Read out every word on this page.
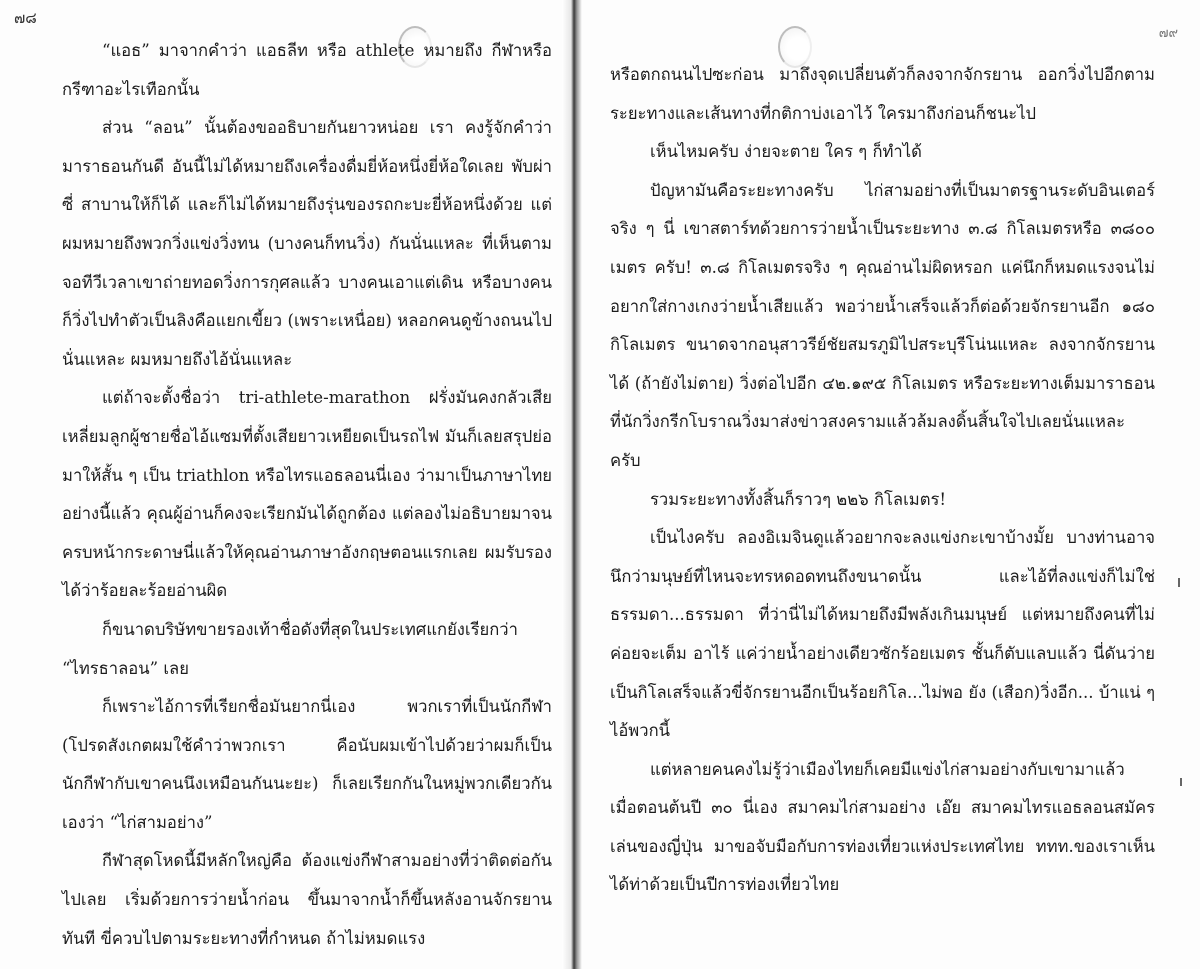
๗๘

“แอธ” มาจากคำว่า แอธลีท หรือ athlete หมายถึง กีฬาหรือกรีฑาอะไรเทือกนั้น

ส่วน “ลอน” นั้นต้องขออธิบายกันยาวหน่อย เรา คงรู้จักคำว่ามาราธอนกันดี อันนี้ไม่ได้หมายถึงเครื่องดื่มยี่ห้อหนึ่งยี่ห้อใดเลย พับผ่าซี่ สาบานให้ก็ได้ และก็ไม่ได้หมายถึงรุ่นของรถกะบะยี่ห้อหนึ่งด้วย แต่ผมหมายถึงพวกวิ่งแข่งวิ่งทน (บางคนก็ทนวิ่ง) กันนั่นแหละ ที่เห็นตามจอทีวีเวลาเขาถ่ายทอดวิ่งการกุศลแล้ว บางคนเอาแต่เดิน หรือบางคนก็วิ่งไปทำตัวเป็นลิงคือแยกเขี้ยว (เพราะเหนื่อย) หลอกคนดูข้างถนนไป นั่นแหละ ผมหมายถึงไอ้นั่นแหละ

แต่ถ้าจะตั้งชื่อว่า tri-athlete-marathon ฝรั่งมันคงกลัวเสียเหลี่ยมลูกผู้ชายชื่อไอ้แซมที่ตั้งเสียยาวเหยียดเป็นรถไฟ มันก็เลยสรุปย่อมาให้สั้น ๆ เป็น triathlon หรือไทรแอธลอนนี่เอง ว่ามาเป็นภาษาไทยอย่างนี้แล้ว คุณผู้อ่านก็คงจะเรียกมันได้ถูกต้อง แต่ลองไม่อธิบายมาจนครบหน้ากระดาษนี่แล้วให้คุณอ่านภาษาอังกฤษตอนแรกเลย ผมรับรองได้ว่าร้อยละร้อยอ่านผิด

ก็ขนาดบริษัทขายรองเท้าชื่อดังที่สุดในประเทศแกยังเรียกว่า “ไทรธาลอน” เลย

ก็เพราะไอ้การที่เรียกชื่อมันยากนี่เอง พวกเราที่เป็นนักกีฬา (โปรดสังเกตผมใช้คำว่าพวกเรา คือนับผมเข้าไปด้วยว่าผมก็เป็นนักกีฬากับเขาคนนึงเหมือนกันนะยะ) ก็เลยเรียกกันในหมู่พวกเดียวกันเองว่า “ไก่สามอย่าง”

กีฬาสุดโหดนี้มีหลักใหญ่คือ ต้องแข่งกีฬาสามอย่างที่ว่าติดต่อกันไปเลย เริ่มด้วยการว่ายน้ำก่อน ขึ้นมาจากน้ำก็ขึ้นหลังอานจักรยานทันที ขี่ควบไปตามระยะทางที่กำหนด ถ้าไม่หมดแรง

๗๙

หรือตกถนนไปซะก่อน มาถึงจุดเปลี่ยนตัวก็ลงจากจักรยาน ออกวิ่งไปอีกตามระยะทางและเส้นทางที่กติกาบ่งเอาไว้ ใครมาถึงก่อนก็ชนะไป

เห็นไหมครับ ง่ายจะตาย ใคร ๆ ก็ทำได้

ปัญหามันคือระยะทางครับ ไก่สามอย่างที่เป็นมาตรฐานระดับอินเตอร์จริง ๆ นี่ เขาสตาร์ทด้วยการว่ายน้ำเป็นระยะทาง ๓.๘ กิโลเมตรหรือ ๓๘๐๐ เมตร ครับ! ๓.๘ กิโลเมตรจริง ๆ คุณอ่านไม่ผิดหรอก แค่นึกก็หมดแรงจนไม่อยากใส่กางเกงว่ายน้ำเสียแล้ว พอว่ายน้ำเสร็จแล้วก็ต่อด้วยจักรยานอีก ๑๘๐ กิโลเมตร ขนาดจากอนุสาวรีย์ชัยสมรภูมิไปสระบุรีโน่นแหละ ลงจากจักรยานได้ (ถ้ายังไม่ตาย) วิ่งต่อไปอีก ๔๒.๑๙๕ กิโลเมตร หรือระยะทางเต็มมาราธอนที่นักวิ่งกรีกโบราณวิ่งมาส่งข่าวสงครามแล้วล้มลงดิ้นสิ้นใจไปเลยนั่นแหละครับ

รวมระยะทางทั้งสิ้นก็ราวๆ ๒๒๖ กิโลเมตร!

เป็นไงครับ ลองอิเมจินดูแล้วอยากจะลงแข่งกะเขาบ้างมั้ย บางท่านอาจนึกว่ามนุษย์ที่ไหนจะทรหดอดทนถึงขนาดนั้น และไอ้ที่ลงแข่งก็ไม่ใช่ธรรมดา...ธรรมดา ที่ว่านี่ไม่ได้หมายถึงมีพลังเกินมนุษย์ แต่หมายถึงคนที่ไม่ค่อยจะเต็ม อาไร้ แค่ว่ายน้ำอย่างเดียวซักร้อยเมตร ชั้นก็ตับแลบแล้ว นี่ดันว่ายเป็นกิโลเสร็จแล้วขี่จักรยานอีกเป็นร้อยกิโล...ไม่พอ ยัง (เสือก)วิ่งอีก... บ้าแน่ ๆ ไอ้พวกนี้

แต่หลายคนคงไม่รู้ว่าเมืองไทยก็เคยมีแข่งไก่สามอย่างกับเขามาแล้ว เมื่อตอนต้นปี ๓๐ นี่เอง สมาคมไก่สามอย่าง เอ๊ย สมาคมไทรแอธลอนสมัครเล่นของญี่ปุ่น มาขอจับมือกับการท่องเที่ยวแห่งประเทศไทย ททท.ของเราเห็นได้ท่าด้วยเป็นปีการท่องเที่ยวไทย
